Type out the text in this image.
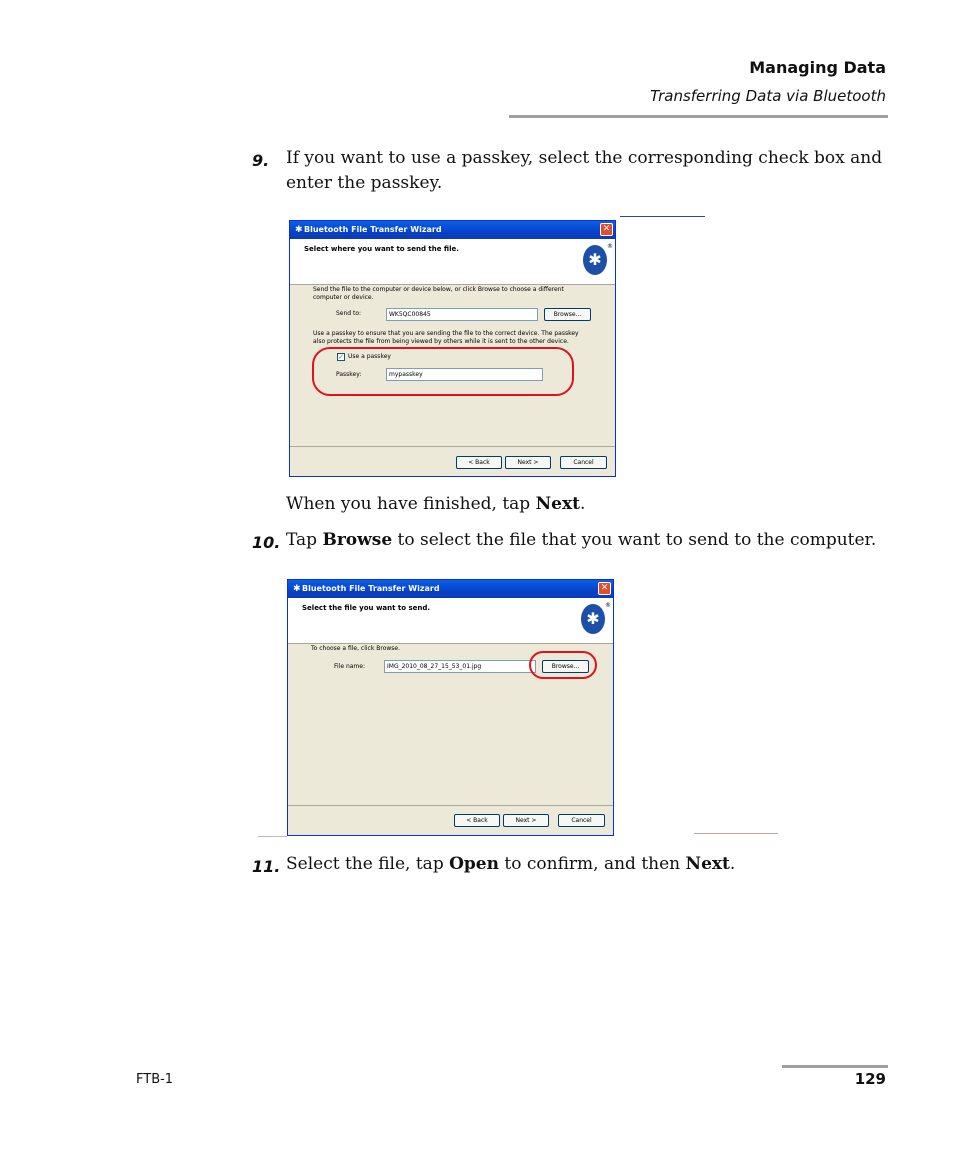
Managing Data
Transferring Data via Bluetooth
9. If you want to use a passkey, select the corresponding check box and enter the passkey.
✱ Bluetooth File Transfer Wizard	✕
Select where you want to send the file.
✱
®
Send the file to the computer or device below, or click Browse to choose a different
computer or device.
Send to:	WK5QC00845	Browse...
Use a passkey to ensure that you are sending the file to the correct device. The passkey
also protects the file from being viewed by others while it is sent to the other device.
✓ Use a passkey
Passkey:	mypasskey
< Back	Next >	Cancel
When you have finished, tap Next.
10. Tap Browse to select the file that you want to send to the computer.
✱ Bluetooth File Transfer Wizard	✕
Select the file you want to send.
✱
®
To choose a file, click Browse.
File name:	IMG_2010_08_27_15_53_01.jpg	Browse...
< Back	Next >	Cancel
11. Select the file, tap Open to confirm, and then Next.
FTB-1	129
